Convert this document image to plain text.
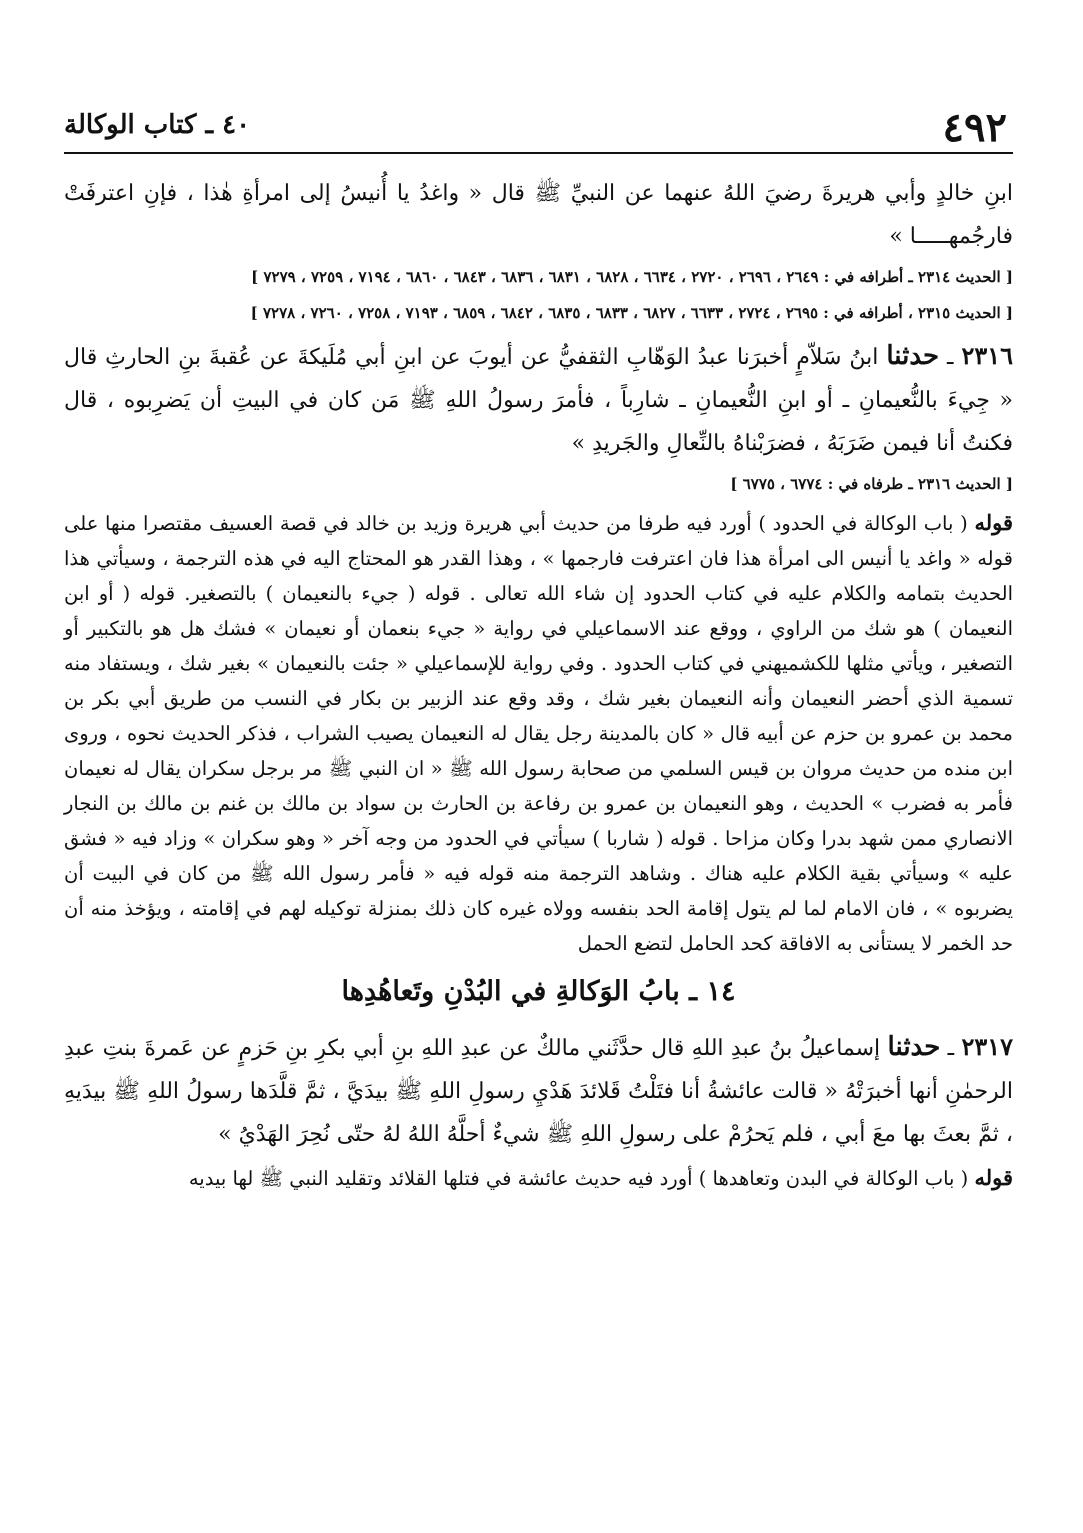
٤٩٢
٤٠ ـ كتاب الوكالة

ابنِ خالدٍ وأبي هريرةَ رضيَ اللهُ عنهما عن النبيِّ ﷺ قال « واغدُ يا أُنيسُ إلى امرأةِ هٰذا ، فإنِ اعترفَتْ فارجُمهـــــا »

[ الحديث ٢٣١٤ ـ أطرافه في : ٢٦٤٩ ، ٢٦٩٦ ، ٢٧٢٠ ، ٦٦٣٤ ، ٦٨٢٨ ، ٦٨٣١ ، ٦٨٣٦ ، ٦٨٤٣ ، ٦٨٦٠ ، ٧١٩٤ ، ٧٢٥٩ ، ٧٢٧٩ ]

[ الحديث ٢٣١٥ ، أطرافه في : ٢٦٩٥ ، ٢٧٢٤ ، ٦٦٣٣ ، ٦٨٢٧ ، ٦٨٣٣ ، ٦٨٣٥ ، ٦٨٤٢ ، ٦٨٥٩ ، ٧١٩٣ ، ٧٢٥٨ ، ٧٢٦٠ ، ٧٢٧٨ ]

٢٣١٦ ـ حدثنا ابنُ سَلاّمٍ أخبرَنا عبدُ الوَهّابِ الثقفيُّ عن أيوبَ عن ابنِ أبي مُلَيكةَ عن عُقبةَ بنِ الحارثِ قال « جِيءَ بالنُّعيمانِ ـ أو ابنِ النُّعيمانِ ـ شارِباً ، فأمرَ رسولُ اللهِ ﷺ مَن كان في البيتِ أن يَضرِبوه ، قال فكنتُ أنا فيمن ضَرَبَهُ ، فضرَبْناهُ بالنِّعالِ والجَريدِ »

[ الحديث ٢٣١٦ ـ طرفاه في : ٦٧٧٤ ، ٦٧٧٥ ]

قوله ( باب الوكالة في الحدود ) أورد فيه طرفا من حديث أبي هريرة وزيد بن خالد في قصة العسيف مقتصرا منها على قوله « واغد يا أنيس الى امرأة هذا فان اعترفت فارجمها » ، وهذا القدر هو المحتاج اليه في هذه الترجمة ، وسيأتي هذا الحديث بتمامه والكلام عليه في كتاب الحدود إن شاء الله تعالى . قوله ( جيء بالنعيمان ) بالتصغير. قوله ( أو ابن النعيمان ) هو شك من الراوي ، ووقع عند الاسماعيلي في رواية « جيء بنعمان أو نعيمان » فشك هل هو بالتكبير أو التصغير ، ويأتي مثلها للكشميهني في كتاب الحدود . وفي رواية للإسماعيلي « جئت بالنعيمان » بغير شك ، ويستفاد منه تسمية الذي أحضر النعيمان وأنه النعيمان بغير شك ، وقد وقع عند الزبير بن بكار في النسب من طريق أبي بكر بن محمد بن عمرو بن حزم عن أبيه قال « كان بالمدينة رجل يقال له النعيمان يصيب الشراب ، فذكر الحديث نحوه ، وروى ابن منده من حديث مروان بن قيس السلمي من صحابة رسول الله ﷺ « ان النبي ﷺ مر برجل سكران يقال له نعيمان فأمر به فضرب » الحديث ، وهو النعيمان بن عمرو بن رفاعة بن الحارث بن سواد بن مالك بن غنم بن مالك بن النجار الانصاري ممن شهد بدرا وكان مزاحا . قوله ( شاربا ) سيأتي في الحدود من وجه آخر « وهو سكران » وزاد فيه « فشق عليه » وسيأتي بقية الكلام عليه هناك . وشاهد الترجمة منه قوله فيه « فأمر رسول الله ﷺ من كان في البيت أن يضربوه » ، فان الامام لما لم يتول إقامة الحد بنفسه وولاه غيره كان ذلك بمنزلة توكيله لهم في إقامته ، ويؤخذ منه أن حد الخمر لا يستأنى به الافاقة كحد الحامل لتضع الحمل

١٤ ـ بابُ الوَكالةِ في البُدْنِ وتَعاهُدِها

٢٣١٧ ـ حدثنا إسماعيلُ بنُ عبدِ اللهِ قال حدَّثَني مالكٌ عن عبدِ اللهِ بنِ أبي بكرِ بنِ حَزمٍ عن عَمرةَ بنتِ عبدِ الرحمٰنِ أنها أخبرَتْهُ « قالت عائشةُ أنا فتَلْتُ قَلائدَ هَدْيِ رسولِ اللهِ ﷺ بيدَيَّ ، ثمَّ قلَّدَها رسولُ اللهِ ﷺ بيدَيهِ ، ثمَّ بعثَ بها معَ أبي ، فلم يَحرُمْ على رسولِ اللهِ ﷺ شيءٌ أحلَّهُ اللهُ لهُ حتّى نُحِرَ الهَدْيُ »

قوله ( باب الوكالة في البدن وتعاهدها ) أورد فيه حديث عائشة في فتلها القلائد وتقليد النبي ﷺ لها بيديه
